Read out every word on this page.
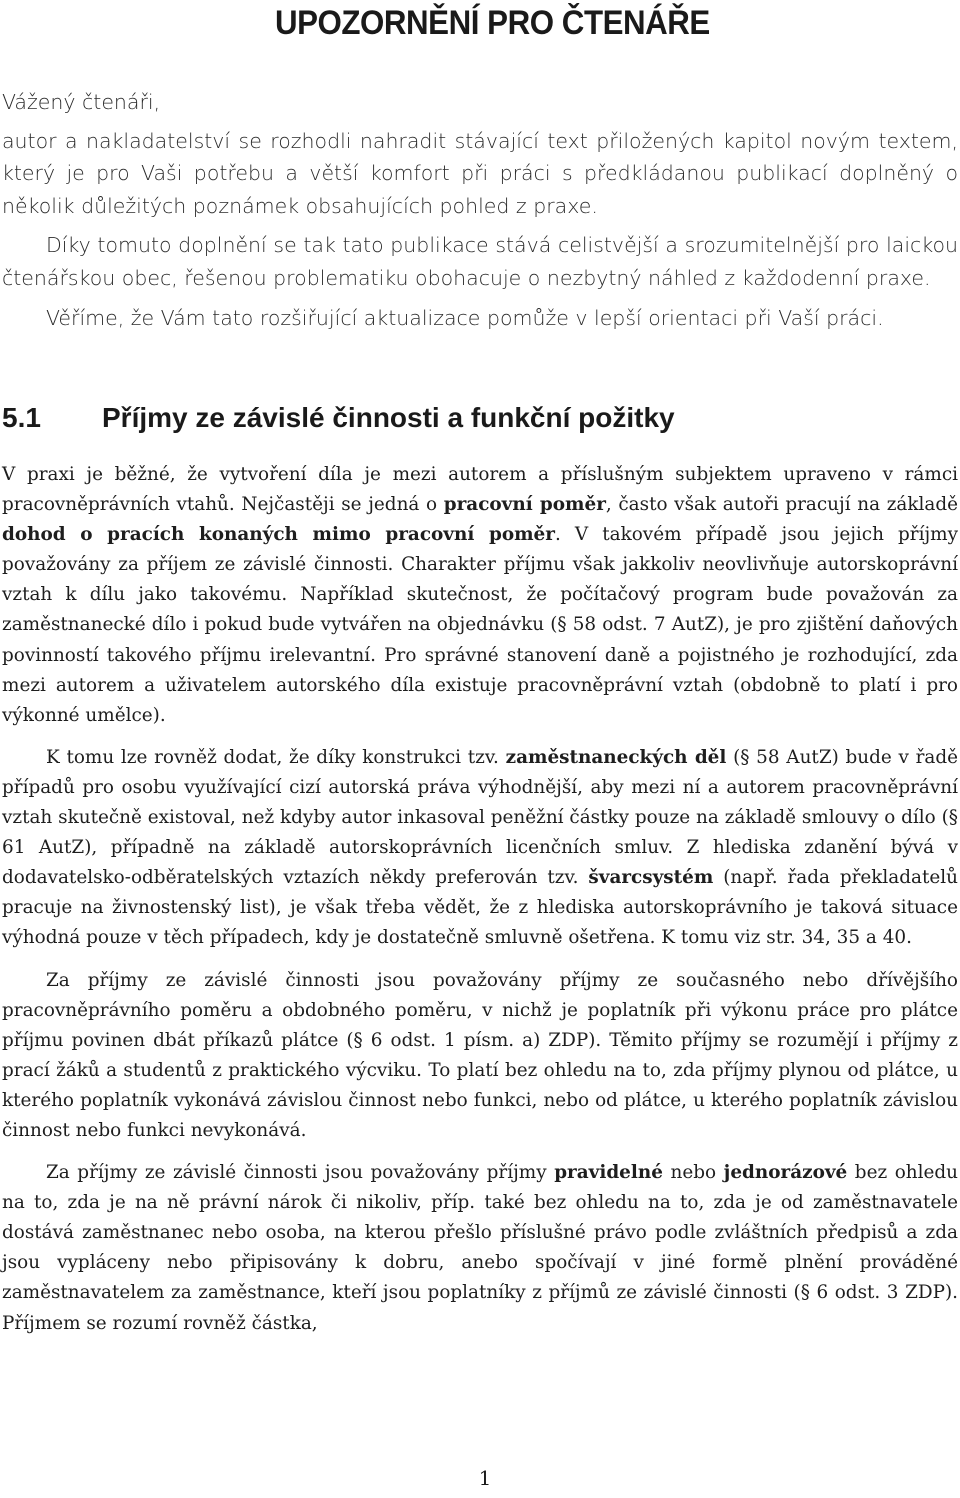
UPOZORNĚNÍ PRO ČTENÁŘE

Vážený čtenáři,

autor a nakladatelství se rozhodli nahradit stávající text přiložených kapitol novým textem, který je pro Vaši potřebu a větší komfort při práci s předkládanou publikací doplněný o několik důležitých poznámek obsahujících pohled z praxe.

Díky tomuto doplnění se tak tato publikace stává celistvější a srozumitelnější pro laickou čtenářskou obec, řešenou problematiku obohacuje o nezbytný náhled z každodenní praxe.

Věříme, že Vám tato rozšiřující aktualizace pomůže v lepší orientaci při Vaší práci.

5.1 Příjmy ze závislé činnosti a funkční požitky

V praxi je běžné, že vytvoření díla je mezi autorem a příslušným subjektem upraveno v rámci pracovněprávních vtahů. Nejčastěji se jedná o pracovní poměr, často však autoři pracují na základě dohod o pracích konaných mimo pracovní poměr. V takovém případě jsou jejich příjmy považovány za příjem ze závislé činnosti. Charakter příjmu však jakkoliv neovlivňuje autorskoprávní vztah k dílu jako takovému. Například skutečnost, že počítačový program bude považován za zaměstnanecké dílo i pokud bude vytvářen na objednávku (§ 58 odst. 7 AutZ), je pro zjištění daňových povinností takového příjmu irelevantní. Pro správné stanovení daně a pojistného je rozhodující, zda mezi autorem a uživatelem autorského díla existuje pracovněprávní vztah (obdobně to platí i pro výkonné umělce).

K tomu lze rovněž dodat, že díky konstrukci tzv. zaměstnaneckých děl (§ 58 AutZ) bude v řadě případů pro osobu využívající cizí autorská práva výhodnější, aby mezi ní a autorem pracovněprávní vztah skutečně existoval, než kdyby autor inkasoval peněžní částky pouze na základě smlouvy o dílo (§ 61 AutZ), případně na základě autorskoprávních licenčních smluv. Z hlediska zdanění bývá v dodavatelsko-odběratelských vztazích někdy preferován tzv. švarcsystém (např. řada překladatelů pracuje na živnostenský list), je však třeba vědět, že z hlediska autorskoprávního je taková situace výhodná pouze v těch případech, kdy je dostatečně smluvně ošetřena. K tomu viz str. 34, 35 a 40.

Za příjmy ze závislé činnosti jsou považovány příjmy ze současného nebo dřívějšího pracovněprávního poměru a obdobného poměru, v nichž je poplatník při výkonu práce pro plátce příjmu povinen dbát příkazů plátce (§ 6 odst. 1 písm. a) ZDP). Těmito příjmy se rozumějí i příjmy z prací žáků a studentů z praktického výcviku. To platí bez ohledu na to, zda příjmy plynou od plátce, u kterého poplatník vykonává závislou činnost nebo funkci, nebo od plátce, u kterého poplatník závislou činnost nebo funkci nevykonává.

Za příjmy ze závislé činnosti jsou považovány příjmy pravidelné nebo jednorázové bez ohledu na to, zda je na ně právní nárok či nikoliv, příp. také bez ohledu na to, zda je od zaměstnavatele dostává zaměstnanec nebo osoba, na kterou přešlo příslušné právo podle zvláštních předpisů a zda jsou vypláceny nebo připisovány k dobru, anebo spočívají v jiné formě plnění prováděné zaměstnavatelem za zaměstnance, kteří jsou poplatníky z příjmů ze závislé činnosti (§ 6 odst. 3 ZDP). Příjmem se rozumí rovněž částka,

1
